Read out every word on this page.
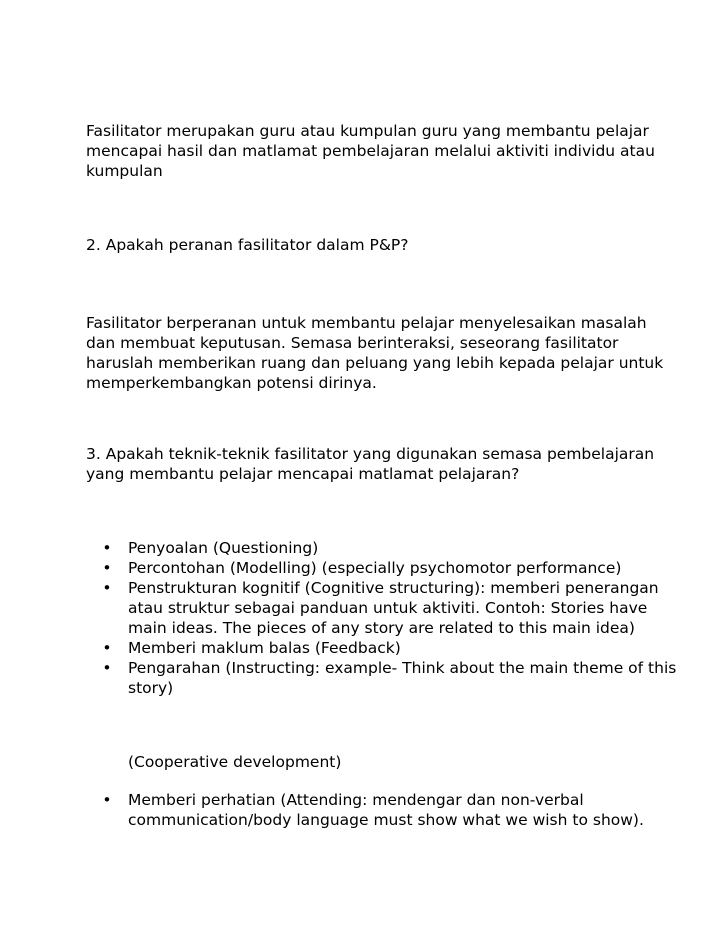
Fasilitator merupakan guru atau kumpulan guru yang membantu pelajar mencapai hasil dan matlamat pembelajaran melalui aktiviti individu atau kumpulan

2. Apakah peranan fasilitator dalam P&P?

Fasilitator berperanan untuk membantu pelajar menyelesaikan masalah dan membuat keputusan. Semasa berinteraksi, seseorang fasilitator haruslah memberikan ruang dan peluang yang lebih kepada pelajar untuk memperkembangkan potensi dirinya.

3. Apakah teknik-teknik fasilitator yang digunakan semasa pembelajaran yang membantu pelajar mencapai matlamat pelajaran?

• Penyoalan (Questioning)
• Percontohan (Modelling) (especially psychomotor performance)
• Penstrukturan kognitif (Cognitive structuring): memberi penerangan atau struktur sebagai panduan untuk aktiviti. Contoh: Stories have main ideas. The pieces of any story are related to this main idea)
• Memberi maklum balas (Feedback)
• Pengarahan (Instructing: example- Think about the main theme of this story)

(Cooperative development)

• Memberi perhatian (Attending: mendengar dan non-verbal communication/body language must show what we wish to show).
